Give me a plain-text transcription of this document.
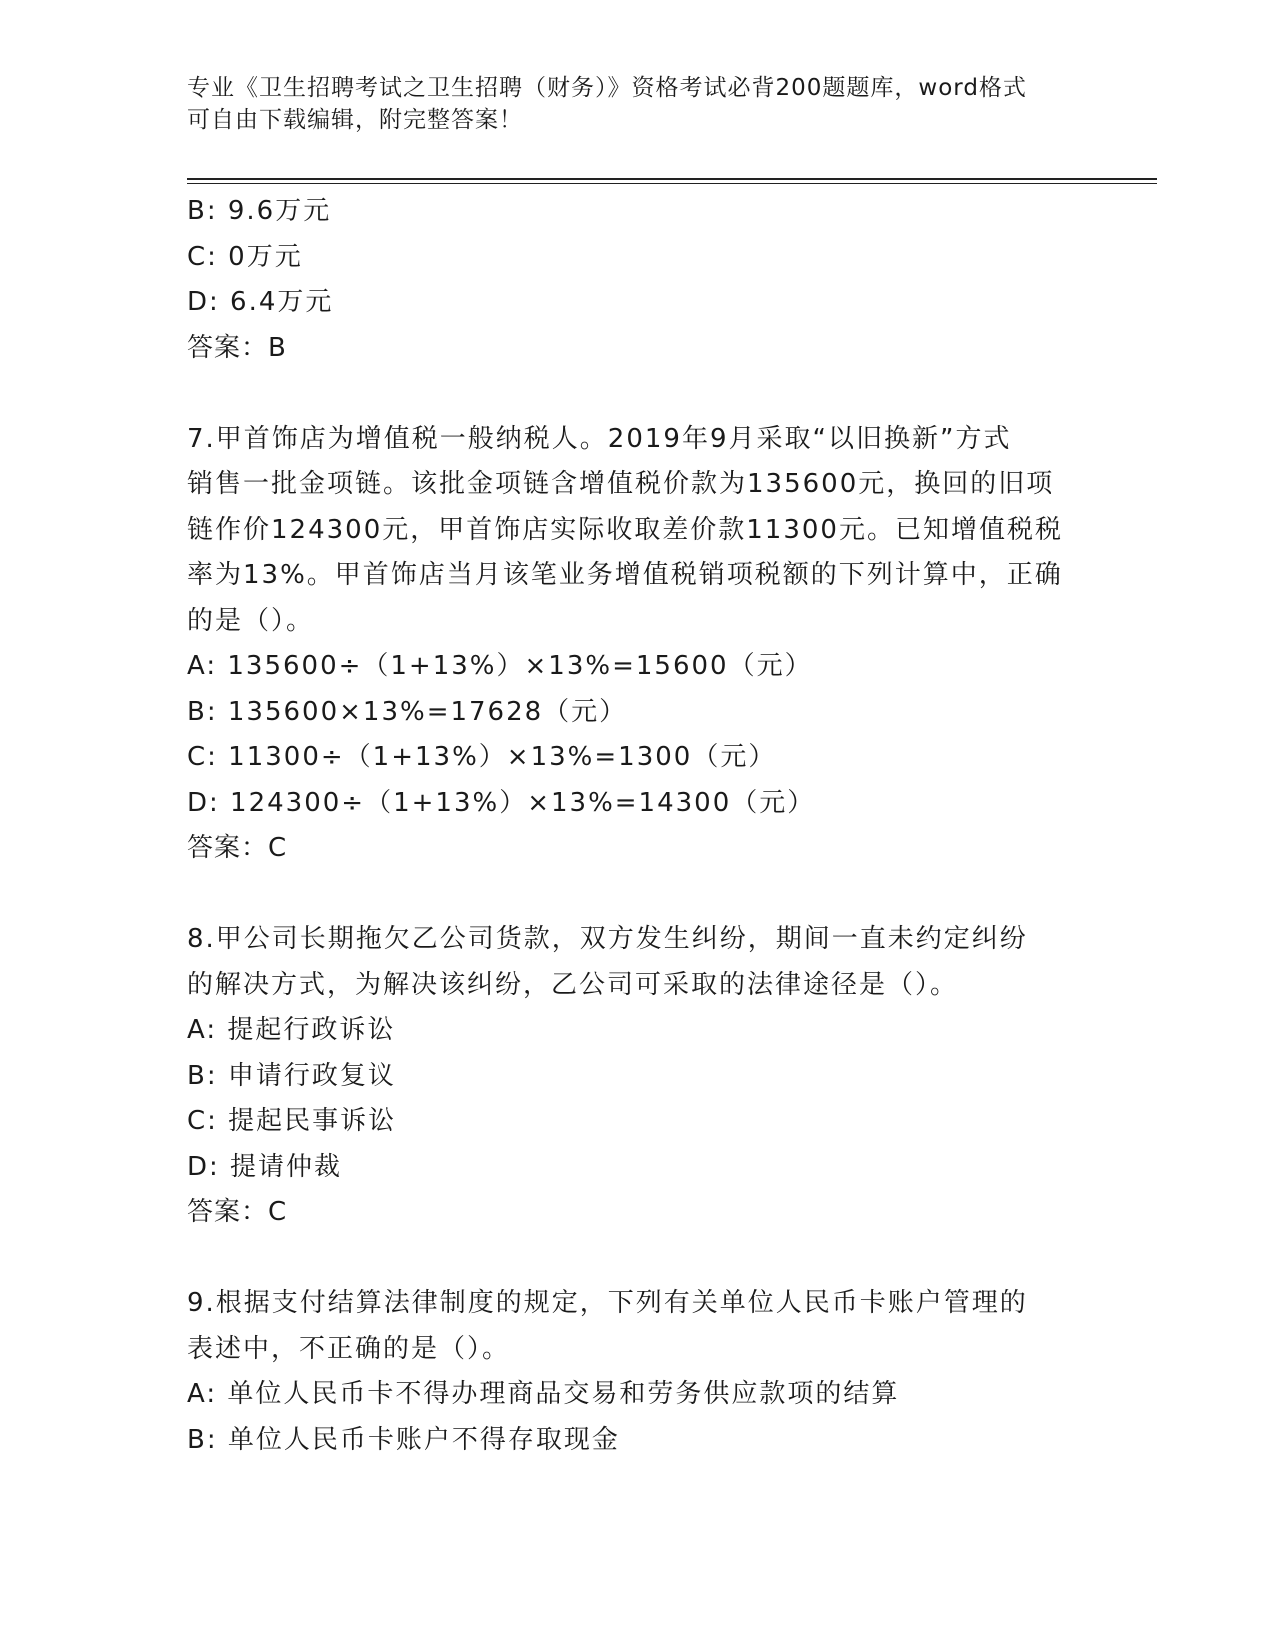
专业《卫生招聘考试之卫生招聘（财务）》资格考试必背200题题库，word格式
可自由下载编辑，附完整答案！
B: 9.6万元
C: 0万元
D: 6.4万元
答案：B
7.甲首饰店为增值税一般纳税人。2019年9月采取“以旧换新”方式
销售一批金项链。该批金项链含增值税价款为135600元，换回的旧项
链作价124300元，甲首饰店实际收取差价款11300元。已知增值税税
率为13%。甲首饰店当月该笔业务增值税销项税额的下列计算中，正确
的是（）。
A: 135600÷（1+13%）×13%=15600（元）
B: 135600×13%=17628（元）
C: 11300÷（1+13%）×13%=1300（元）
D: 124300÷（1+13%）×13%=14300（元）
答案：C
8.甲公司长期拖欠乙公司货款，双方发生纠纷，期间一直未约定纠纷
的解决方式，为解决该纠纷，乙公司可采取的法律途径是（）。
A: 提起行政诉讼
B: 申请行政复议
C: 提起民事诉讼
D: 提请仲裁
答案：C
9.根据支付结算法律制度的规定，下列有关单位人民币卡账户管理的
表述中，不正确的是（）。
A: 单位人民币卡不得办理商品交易和劳务供应款项的结算
B: 单位人民币卡账户不得存取现金
